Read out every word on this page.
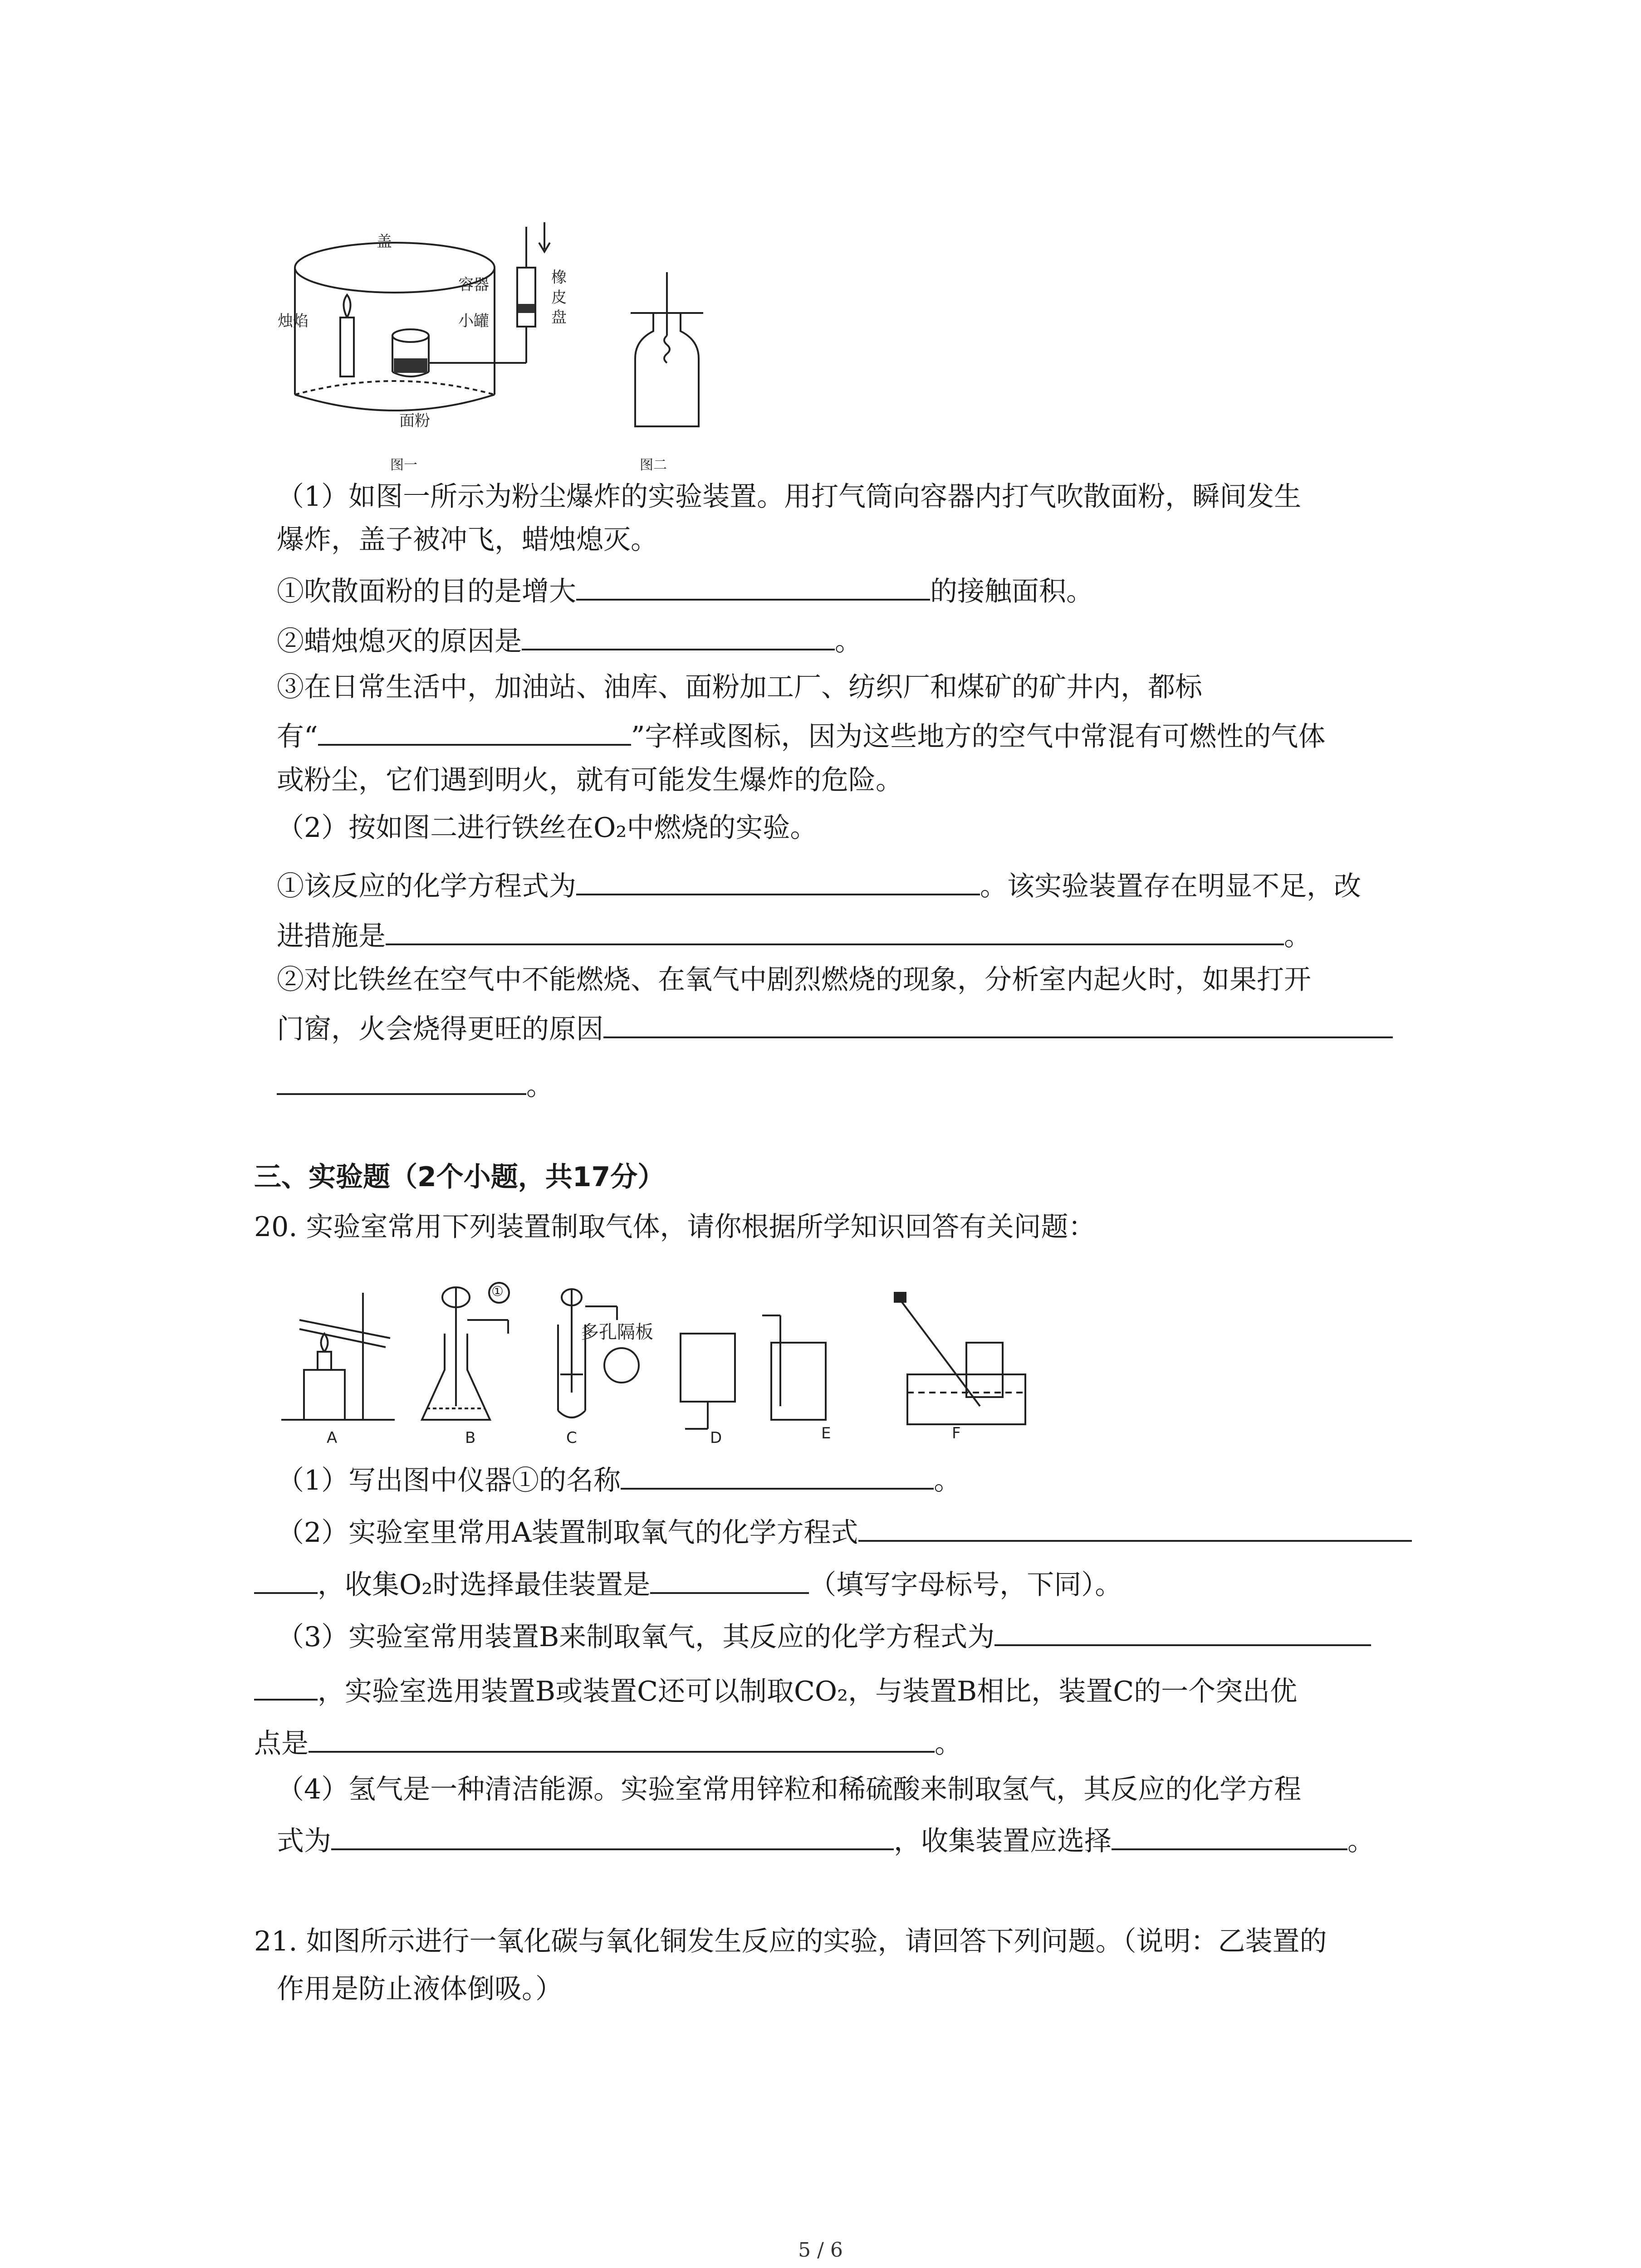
盖
容器
烛焰	小罐
面粉
橡皮盘
图一	图二
（1）如图一所示为粉尘爆炸的实验装置。用打气筒向容器内打气吹散面粉，瞬间发生
爆炸，盖子被冲飞，蜡烛熄灭。
①吹散面粉的目的是增大	的接触面积。
②蜡烛熄灭的原因是	。
③在日常生活中，加油站、油库、面粉加工厂、纺织厂和煤矿的矿井内，都标
有“	”字样或图标，因为这些地方的空气中常混有可燃性的气体
或粉尘，它们遇到明火，就有可能发生爆炸的危险。
（2）按如图二进行铁丝在O₂中燃烧的实验。
①该反应的化学方程式为	。该实验装置存在明显不足，改
进措施是	。
②对比铁丝在空气中不能燃烧、在氧气中剧烈燃烧的现象，分析室内起火时，如果打开
门窗，火会烧得更旺的原因
。
三、实验题（2个小题，共17分）
20. 实验室常用下列装置制取气体，请你根据所学知识回答有关问题：
A	B	C	D	E	F
①
多孔隔板
（1）写出图中仪器①的名称	。
（2）实验室里常用A装置制取氧气的化学方程式
，收集O₂时选择最佳装置是	（填写字母标号，下同）。
（3）实验室常用装置B来制取氧气，其反应的化学方程式为
，实验室选用装置B或装置C还可以制取CO₂，与装置B相比，装置C的一个突出优
点是	。
（4）氢气是一种清洁能源。实验室常用锌粒和稀硫酸来制取氢气，其反应的化学方程
式为	，收集装置应选择	。
21. 如图所示进行一氧化碳与氧化铜发生反应的实验，请回答下列问题。（说明：乙装置的
作用是防止液体倒吸。）
5 / 6
